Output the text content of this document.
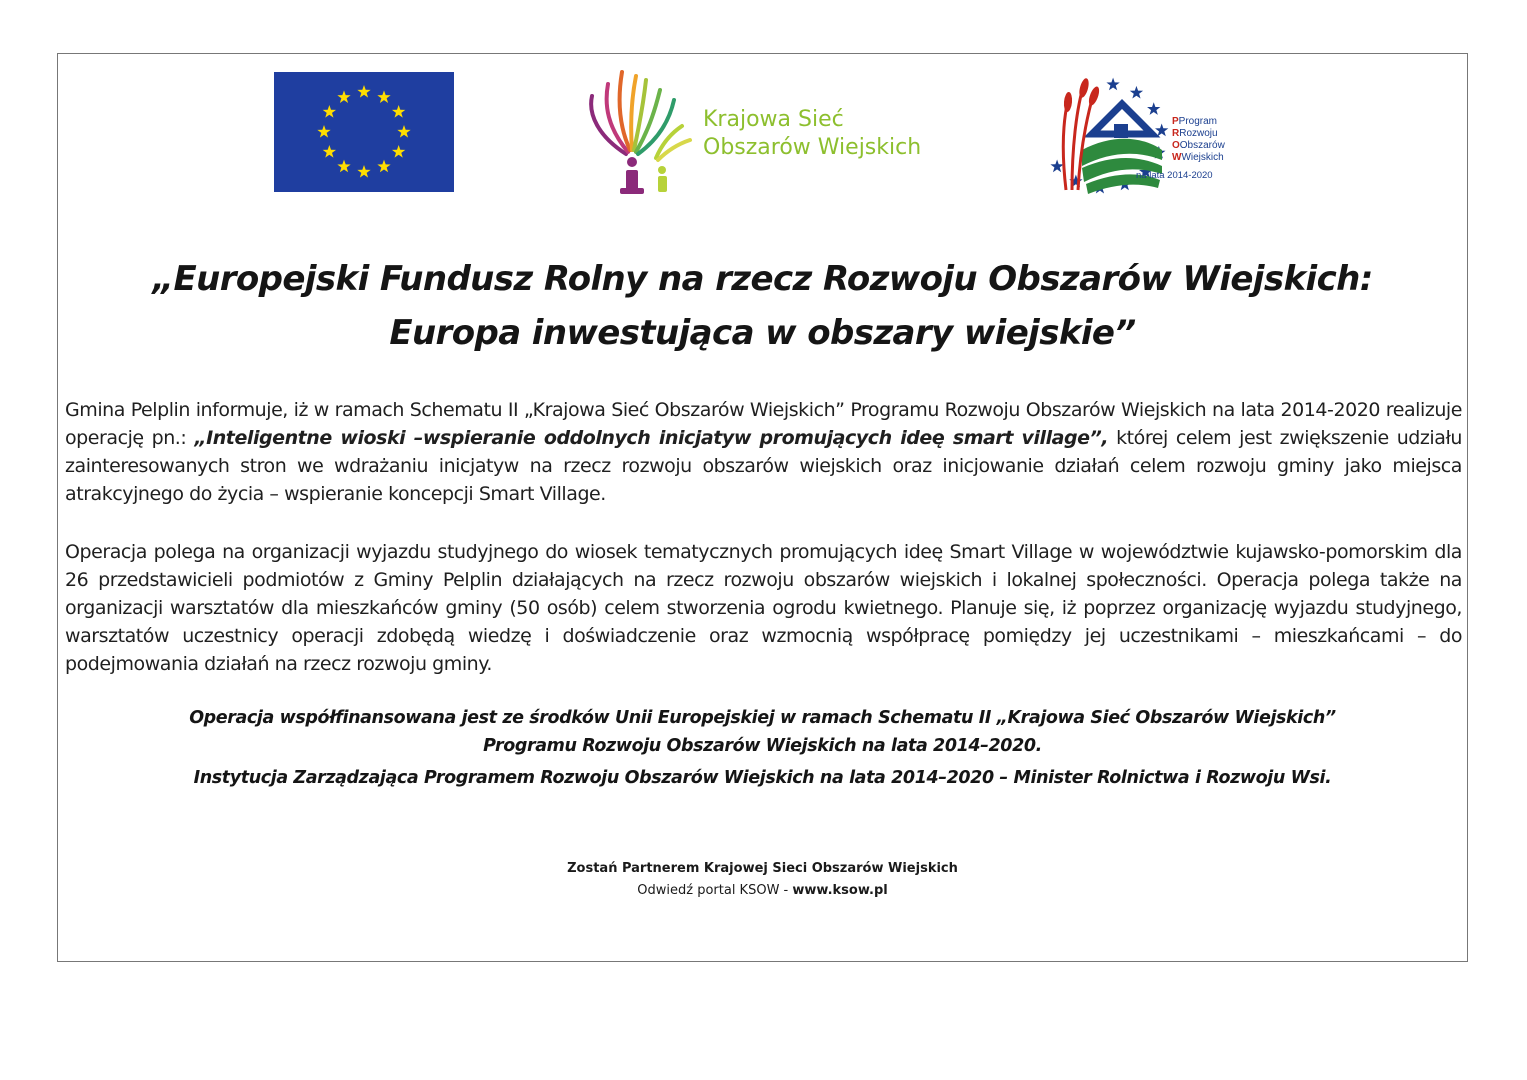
Krajowa Sieć
Obszarów Wiejskich
PProgram
RRozwoju
OObszarów
WWiejskich
na lata 2014-2020
„Europejski Fundusz Rolny na rzecz Rozwoju Obszarów Wiejskich:
Europa inwestująca w obszary wiejskie”
Gmina Pelplin informuje, iż w ramach Schematu II „Krajowa Sieć Obszarów Wiejskich” Programu Rozwoju Obszarów Wiejskich na lata 2014-2020 realizuje operację pn.: „Inteligentne wioski –wspieranie oddolnych inicjatyw promujących ideę smart village”, której celem jest zwiększenie udziału zainteresowanych stron we wdrażaniu inicjatyw na rzecz rozwoju obszarów wiejskich oraz inicjowanie działań celem rozwoju gminy jako miejsca atrakcyjnego do życia – wspieranie koncepcji Smart Village.
Operacja polega na organizacji wyjazdu studyjnego do wiosek tematycznych promujących ideę Smart Village w województwie kujawsko-pomorskim dla 26 przedstawicieli podmiotów z Gminy Pelplin działających na rzecz rozwoju obszarów wiejskich i lokalnej społeczności. Operacja polega także na organizacji warsztatów dla mieszkańców gminy (50 osób) celem stworzenia ogrodu kwietnego. Planuje się, iż poprzez organizację wyjazdu studyjnego, warsztatów uczestnicy operacji zdobędą wiedzę i doświadczenie oraz wzmocnią współpracę pomiędzy jej uczestnikami – mieszkańcami – do podejmowania działań na rzecz rozwoju gminy.
Operacja współfinansowana jest ze środków Unii Europejskiej w ramach Schematu II „Krajowa Sieć Obszarów Wiejskich”
Programu Rozwoju Obszarów Wiejskich na lata 2014–2020.
Instytucja Zarządzająca Programem Rozwoju Obszarów Wiejskich na lata 2014–2020 – Minister Rolnictwa i Rozwoju Wsi.
Zostań Partnerem Krajowej Sieci Obszarów Wiejskich
Odwiedź portal KSOW - www.ksow.pl
